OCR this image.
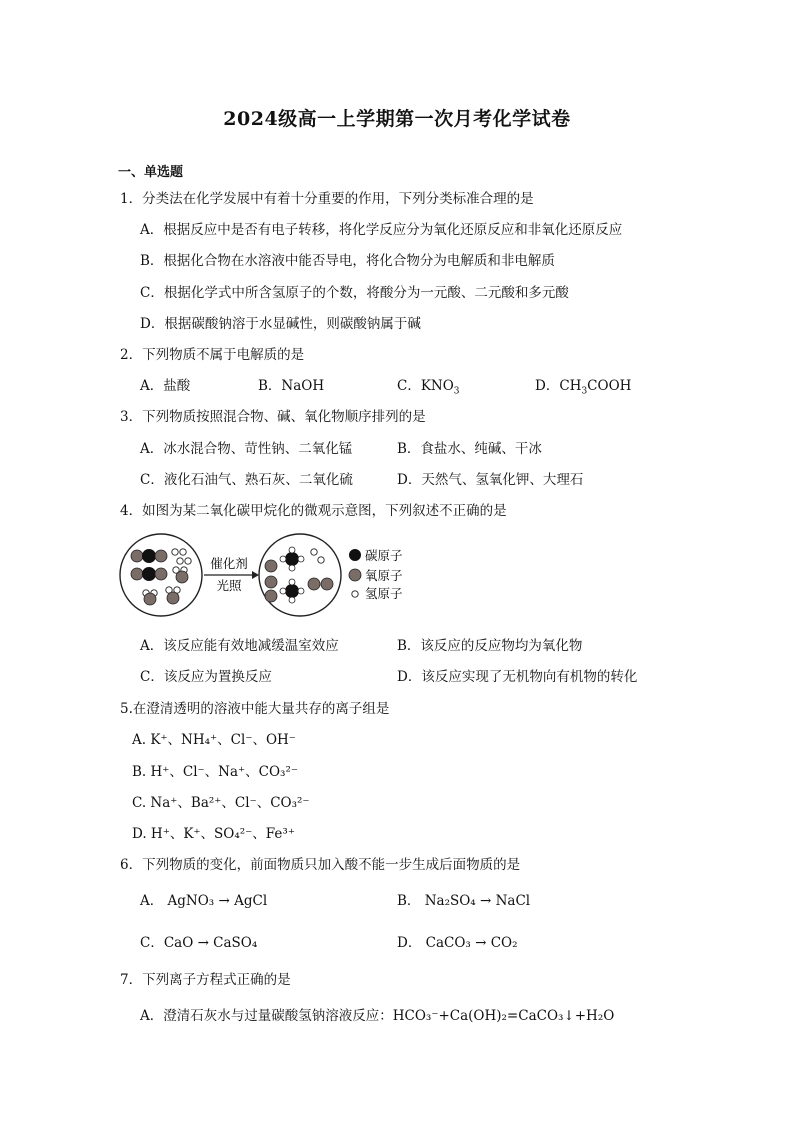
2024级高一上学期第一次月考化学试卷
一、单选题
1．分类法在化学发展中有着十分重要的作用，下列分类标准合理的是
A．根据反应中是否有电子转移，将化学反应分为氧化还原反应和非氧化还原反应
B．根据化合物在水溶液中能否导电，将化合物分为电解质和非电解质
C．根据化学式中所含氢原子的个数，将酸分为一元酸、二元酸和多元酸
D．根据碳酸钠溶于水显碱性，则碳酸钠属于碱
2．下列物质不属于电解质的是
A．盐酸	B．NaOH	C．$KNO_3$	D．$CH_3COOH$
3．下列物质按照混合物、碱、氧化物顺序排列的是
A．冰水混合物、苛性钠、二氧化锰	B．食盐水、纯碱、干冰
C．液化石油气、熟石灰、二氧化硫	D．天然气、氢氧化钾、大理石
4．如图为某二氧化碳甲烷化的微观示意图，下列叙述不正确的是
催化剂
光照
碳原子
氧原子
氢原子
A．该反应能有效地减缓温室效应	B．该反应的反应物均为氧化物
C．该反应为置换反应	D．该反应实现了无机物向有机物的转化
5.在澄清透明的溶液中能大量共存的离子组是
A. K⁺、NH₄⁺、Cl⁻、OH⁻
B. H⁺、Cl⁻、Na⁺、CO₃²⁻
C. Na⁺、Ba²⁺、Cl⁻、CO₃²⁻
D. H⁺、K⁺、SO₄²⁻、Fe³⁺
6．下列物质的变化，前面物质只加入酸不能一步生成后面物质的是
A． AgNO₃ → AgCl	B． Na₂SO₄ → NaCl
C．CaO → CaSO₄	D． CaCO₃ → CO₂
7．下列离子方程式正确的是
A．澄清石灰水与过量碳酸氢钠溶液反应：HCO₃⁻+Ca(OH)₂=CaCO₃↓+H₂O
